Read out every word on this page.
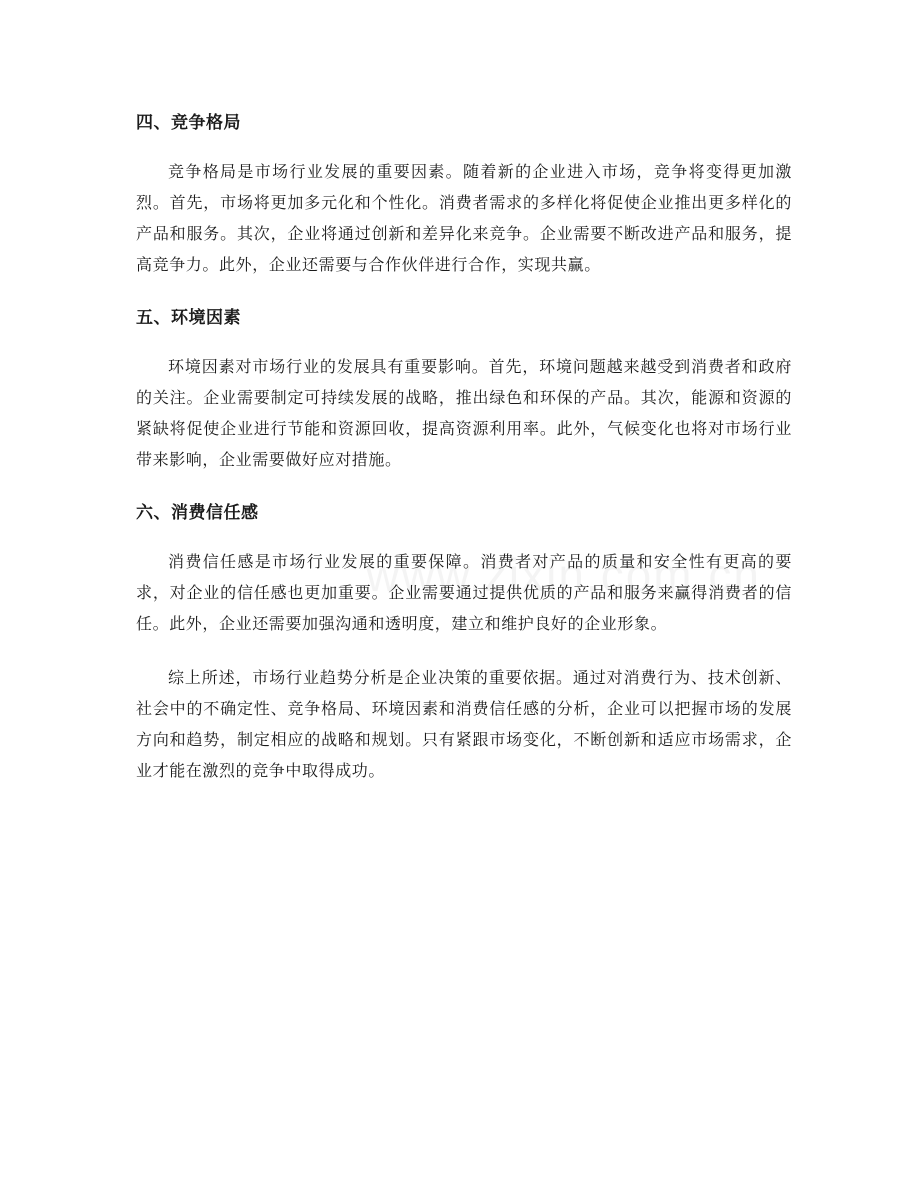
四、竞争格局

竞争格局是市场行业发展的重要因素。随着新的企业进入市场，竞争将变得更加激烈。首先，市场将更加多元化和个性化。消费者需求的多样化将促使企业推出更多样化的产品和服务。其次，企业将通过创新和差异化来竞争。企业需要不断改进产品和服务，提高竞争力。此外，企业还需要与合作伙伴进行合作，实现共赢。

五、环境因素

环境因素对市场行业的发展具有重要影响。首先，环境问题越来越受到消费者和政府的关注。企业需要制定可持续发展的战略，推出绿色和环保的产品。其次，能源和资源的紧缺将促使企业进行节能和资源回收，提高资源利用率。此外，气候变化也将对市场行业带来影响，企业需要做好应对措施。

六、消费信任感

消费信任感是市场行业发展的重要保障。消费者对产品的质量和安全性有更高的要求，对企业的信任感也更加重要。企业需要通过提供优质的产品和服务来赢得消费者的信任。此外，企业还需要加强沟通和透明度，建立和维护良好的企业形象。

综上所述，市场行业趋势分析是企业决策的重要依据。通过对消费行为、技术创新、社会中的不确定性、竞争格局、环境因素和消费信任感的分析，企业可以把握市场的发展方向和趋势，制定相应的战略和规划。只有紧跟市场变化，不断创新和适应市场需求，企业才能在激烈的竞争中取得成功。
